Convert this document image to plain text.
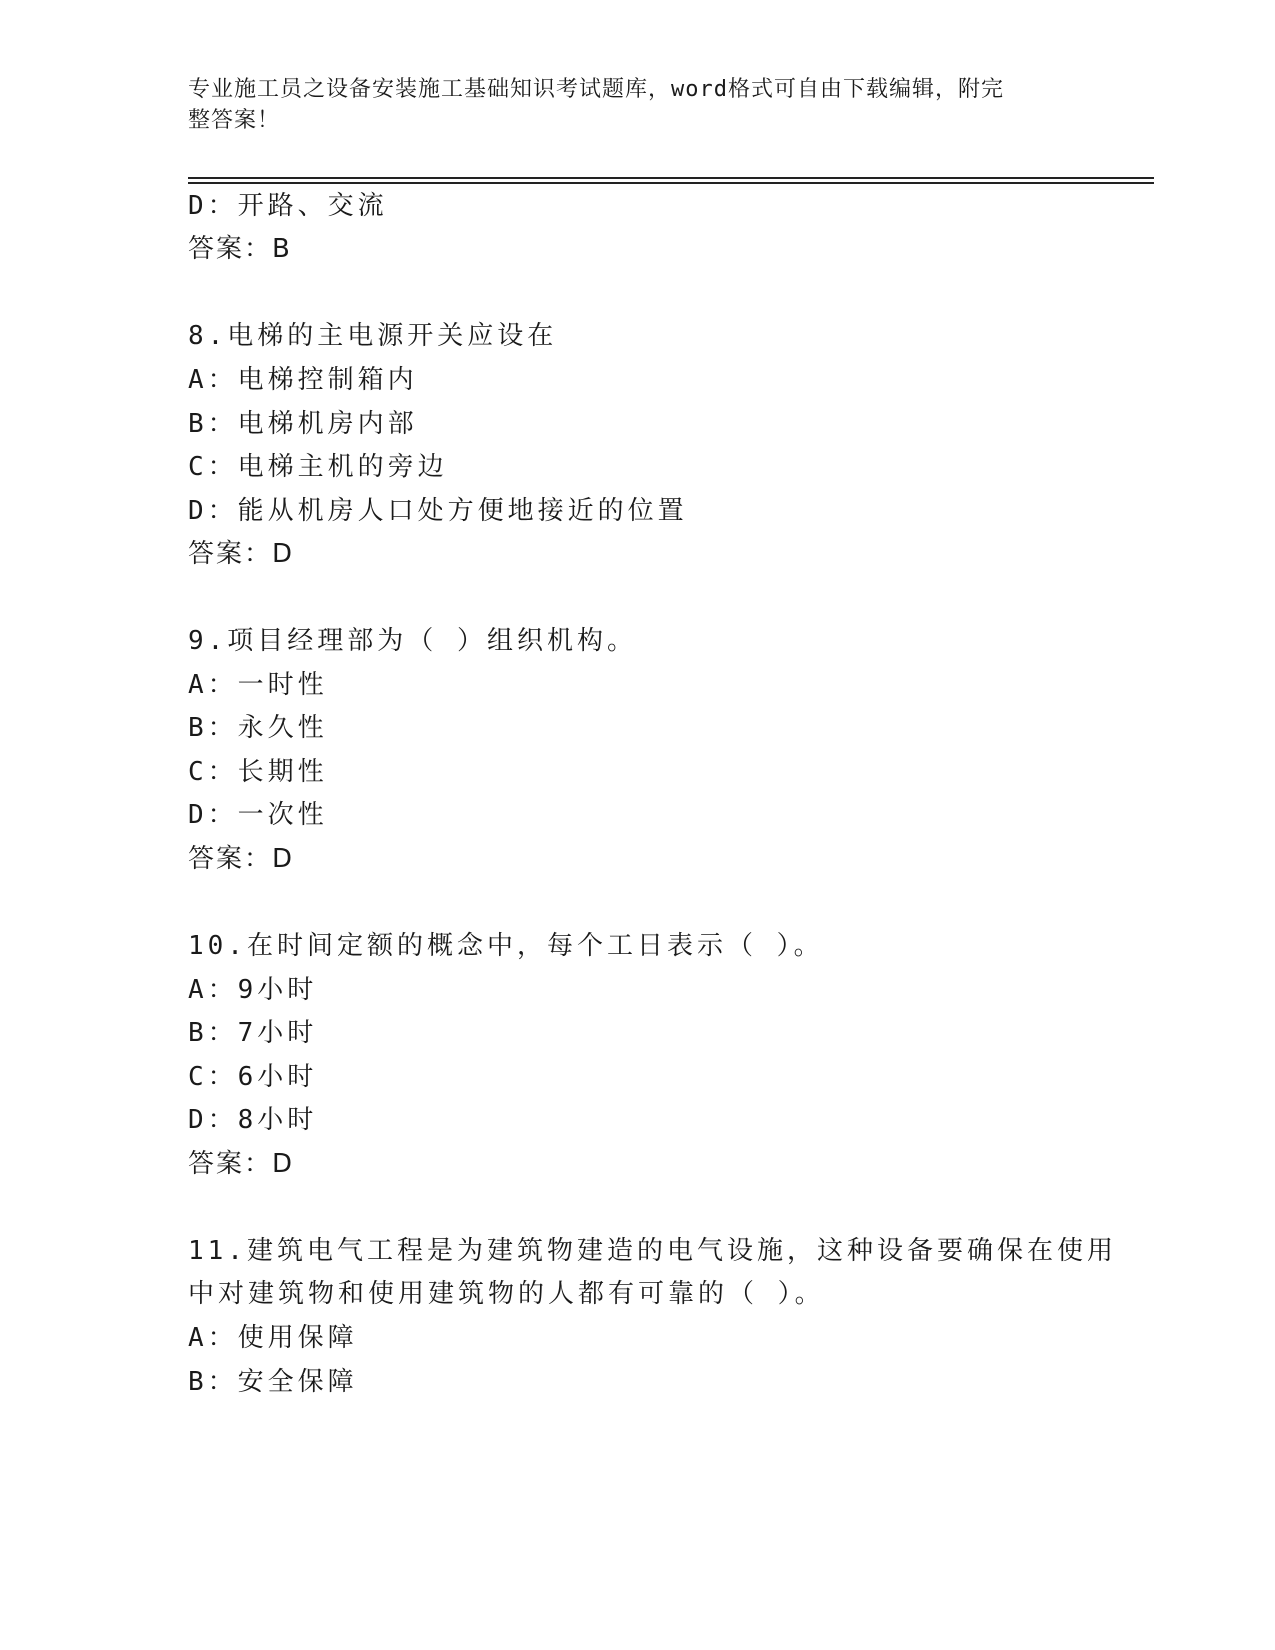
专业施工员之设备安装施工基础知识考试题库，word格式可自由下载编辑，附完
整答案！
D：开路、交流
答案：B
8.电梯的主电源开关应设在
A：电梯控制箱内
B：电梯机房内部
C：电梯主机的旁边
D：能从机房人口处方便地接近的位置
答案：D
9.项目经理部为（ ）组织机构。
A：一时性
B：永久性
C：长期性
D：一次性
答案：D
10.在时间定额的概念中，每个工日表示（ ）。
A：9小时
B：7小时
C：6小时
D：8小时
答案：D
11.建筑电气工程是为建筑物建造的电气设施，这种设备要确保在使用
中对建筑物和使用建筑物的人都有可靠的（ ）。
A：使用保障
B：安全保障
